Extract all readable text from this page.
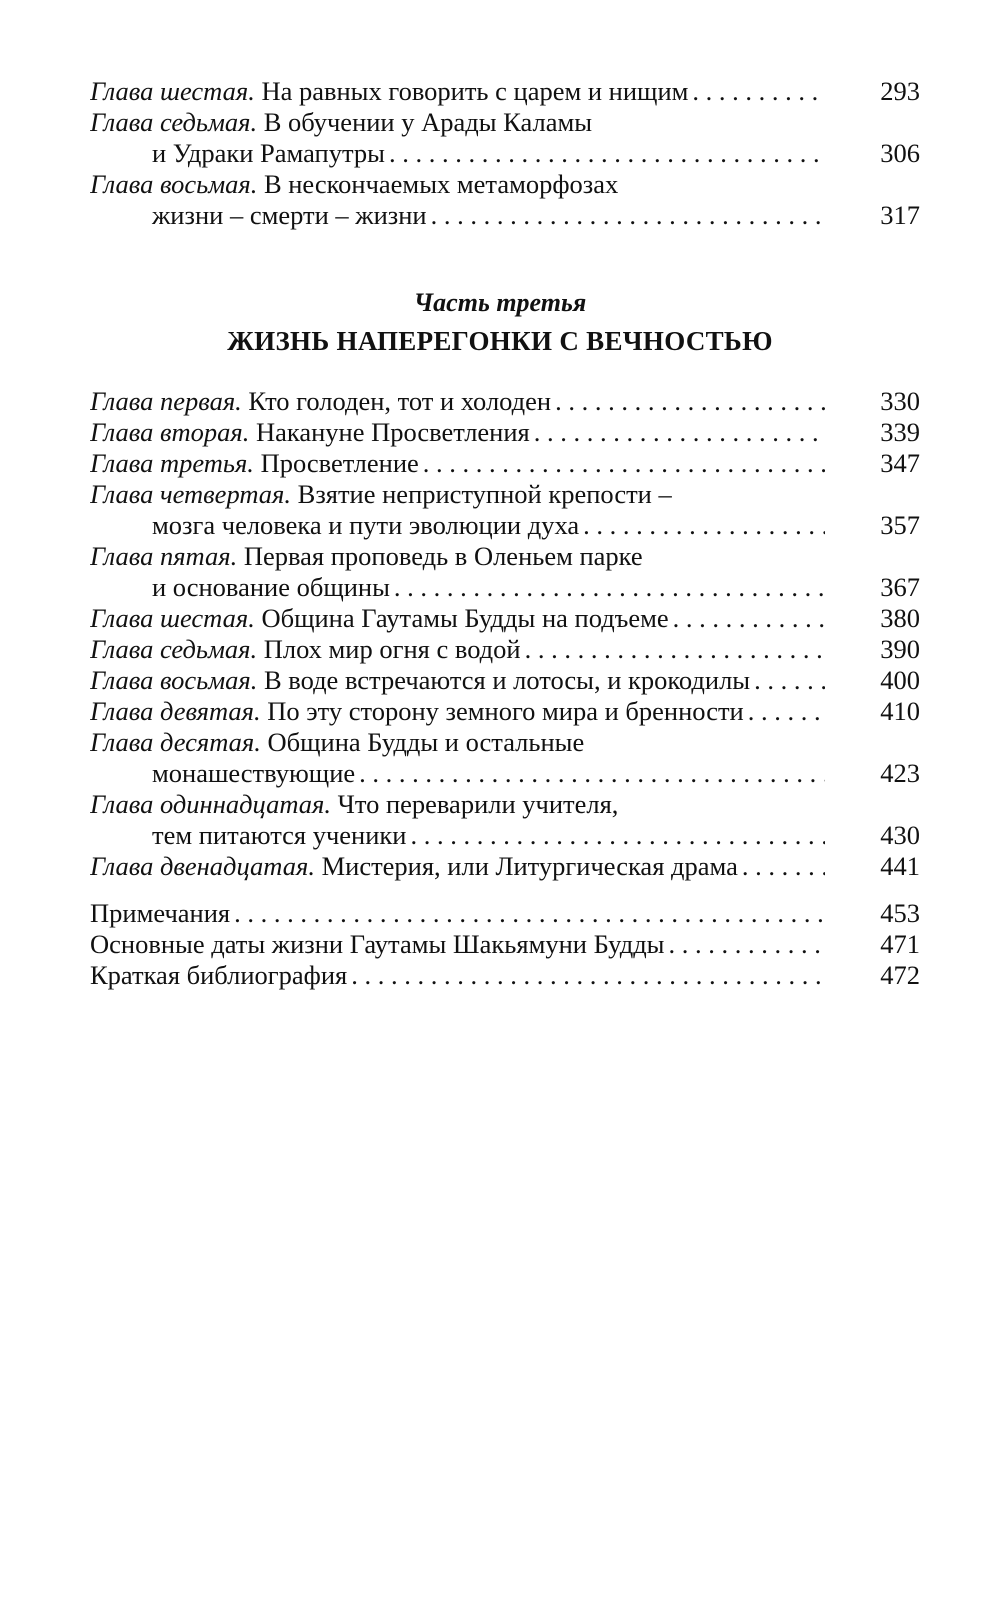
Глава шестая. На равных говорить с царем и нищим . . .	293
Глава седьмая. В обучении у Арады Каламы
и Удраки Рамапутры . . .	306
Глава восьмая. В нескончаемых метаморфозах
жизни – смерти – жизни . . .	317
Часть третья
ЖИЗНЬ НАПЕРЕГОНКИ С ВЕЧНОСТЬЮ
Глава первая. Кто голоден, тот и холоден . . .	330
Глава вторая. Накануне Просветления . . .	339
Глава третья. Просветление . . .	347
Глава четвертая. Взятие неприступной крепости –
мозга человека и пути эволюции духа . . .	357
Глава пятая. Первая проповедь в Оленьем парке
и основание общины . . .	367
Глава шестая. Община Гаутамы Будды на подъеме . . .	380
Глава седьмая. Плох мир огня с водой . . .	390
Глава восьмая. В воде встречаются и лотосы, и крокодилы . . .	400
Глава девятая. По эту сторону земного мира и бренности . . .	410
Глава десятая. Община Будды и остальные
монашествующие . . .	423
Глава одиннадцатая. Что переварили учителя,
тем питаются ученики . . .	430
Глава двенадцатая. Мистерия, или Литургическая драма . . .	441
Примечания . . .	453
Основные даты жизни Гаутамы Шакьямуни Будды . . .	471
Краткая библиография . . .	472
